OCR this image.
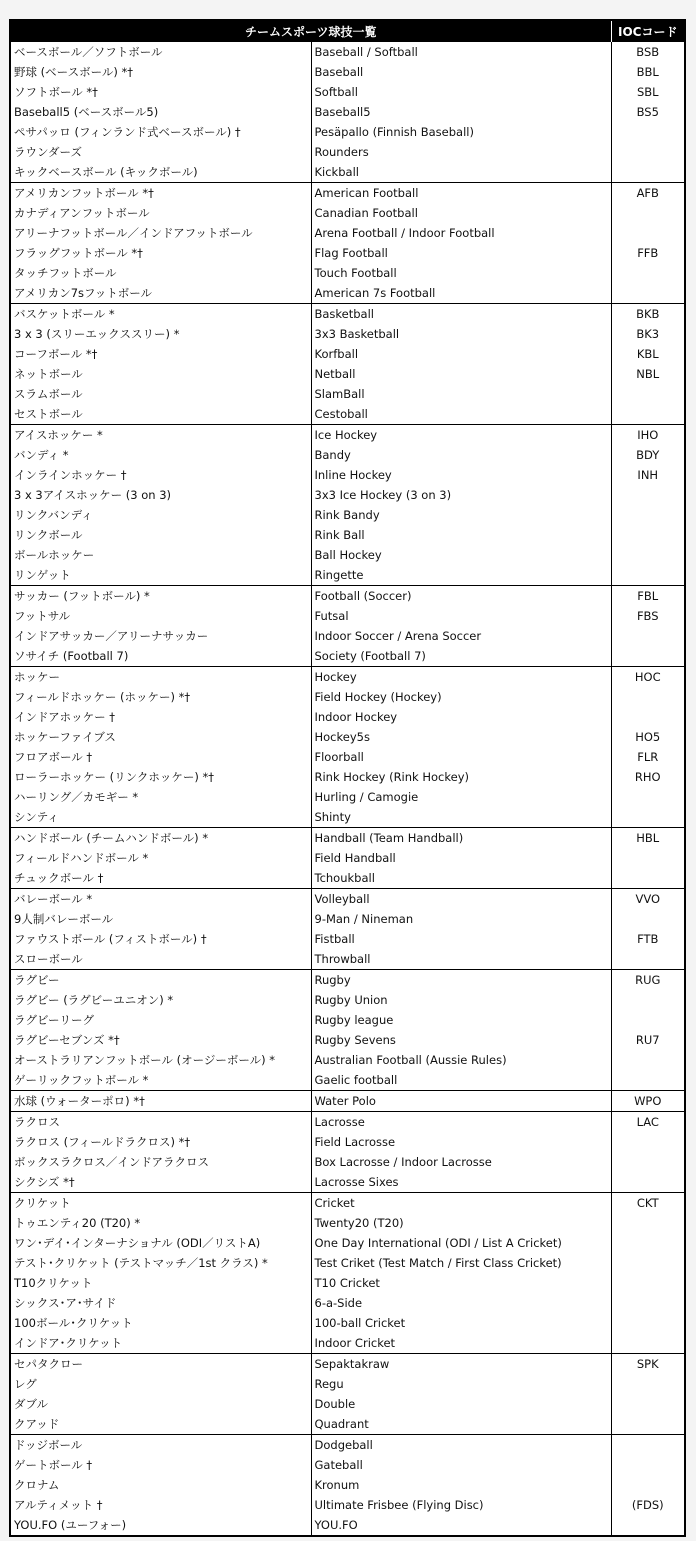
チームスポーツ球技一覧		IOCコード
ベースボール／ソフトボール	Baseball / Softball	BSB
野球 (ベースボール) *†	Baseball	BBL
ソフトボール *†	Softball	SBL
Baseball5 (ベースボール5)	Baseball5	BS5
ペサパッロ (フィンランド式ベースボール) †	Pesäpallo (Finnish Baseball)	
ラウンダーズ	Rounders	
キックベースボール (キックボール)	Kickball	
アメリカンフットボール *†	American Football	AFB
カナディアンフットボール	Canadian Football	
アリーナフットボール／インドアフットボール	Arena Football / Indoor Football	
フラッグフットボール *†	Flag Football	FFB
タッチフットボール	Touch Football	
アメリカン7sフットボール	American 7s Football	
バスケットボール *	Basketball	BKB
3 x 3 (スリーエックススリー) *	3x3 Basketball	BK3
コーフボール *†	Korfball	KBL
ネットボール	Netball	NBL
スラムボール	SlamBall	
セストボール	Cestoball	
アイスホッケー *	Ice Hockey	IHO
バンディ *	Bandy	BDY
インラインホッケー †	Inline Hockey	INH
3 x 3アイスホッケー (3 on 3)	3x3 Ice Hockey (3 on 3)	
リンクバンディ	Rink Bandy	
リンクボール	Rink Ball	
ボールホッケー	Ball Hockey	
リンゲット	Ringette	
サッカー (フットボール) *	Football (Soccer)	FBL
フットサル	Futsal	FBS
インドアサッカー／アリーナサッカー	Indoor Soccer / Arena Soccer	
ソサイチ (Football 7)	Society (Football 7)	
ホッケー	Hockey	HOC
フィールドホッケー (ホッケー) *†	Field Hockey (Hockey)	
インドアホッケー †	Indoor Hockey	
ホッケーファイブス	Hockey5s	HO5
フロアボール †	Floorball	FLR
ローラーホッケー (リンクホッケー) *†	Rink Hockey (Rink Hockey)	RHO
ハーリング／カモギー *	Hurling / Camogie	
シンティ	Shinty	
ハンドボール (チームハンドボール) *	Handball (Team Handball)	HBL
フィールドハンドボール *	Field Handball	
チュックボール †	Tchoukball	
バレーボール *	Volleyball	VVO
9人制バレーボール	9-Man / Nineman	
ファウストボール (フィストボール) †	Fistball	FTB
スローボール	Throwball	
ラグビー	Rugby	RUG
ラグビー (ラグビーユニオン) *	Rugby Union	
ラグビーリーグ	Rugby league	
ラグビーセブンズ *†	Rugby Sevens	RU7
オーストラリアンフットボール (オージーボール) *	Australian Football (Aussie Rules)	
ゲーリックフットボール *	Gaelic football	
水球 (ウォーターポロ) *†	Water Polo	WPO
ラクロス	Lacrosse	LAC
ラクロス (フィールドラクロス) *†	Field Lacrosse	
ボックスラクロス／インドアラクロス	Box Lacrosse / Indoor Lacrosse	
シクシズ *†	Lacrosse Sixes	
クリケット	Cricket	CKT
トゥエンティ20 (T20) *	Twenty20 (T20)	
ワン･デイ･インターナショナル (ODI／リストA)	One Day International (ODI / List A Cricket)	
テスト･クリケット (テストマッチ／1st クラス) *	Test Criket (Test Match / First Class Cricket)	
T10クリケット	T10 Cricket	
シックス･ア･サイド	6-a-Side	
100ボール･クリケット	100-ball Cricket	
インドア･クリケット	Indoor Cricket	
セパタクロー	Sepaktakraw	SPK
レグ	Regu	
ダブル	Double	
クアッド	Quadrant	
ドッジボール	Dodgeball	
ゲートボール †	Gateball	
クロナム	Kronum	
アルティメット †	Ultimate Frisbee (Flying Disc)	(FDS)
YOU.FO (ユーフォー)	YOU.FO	
